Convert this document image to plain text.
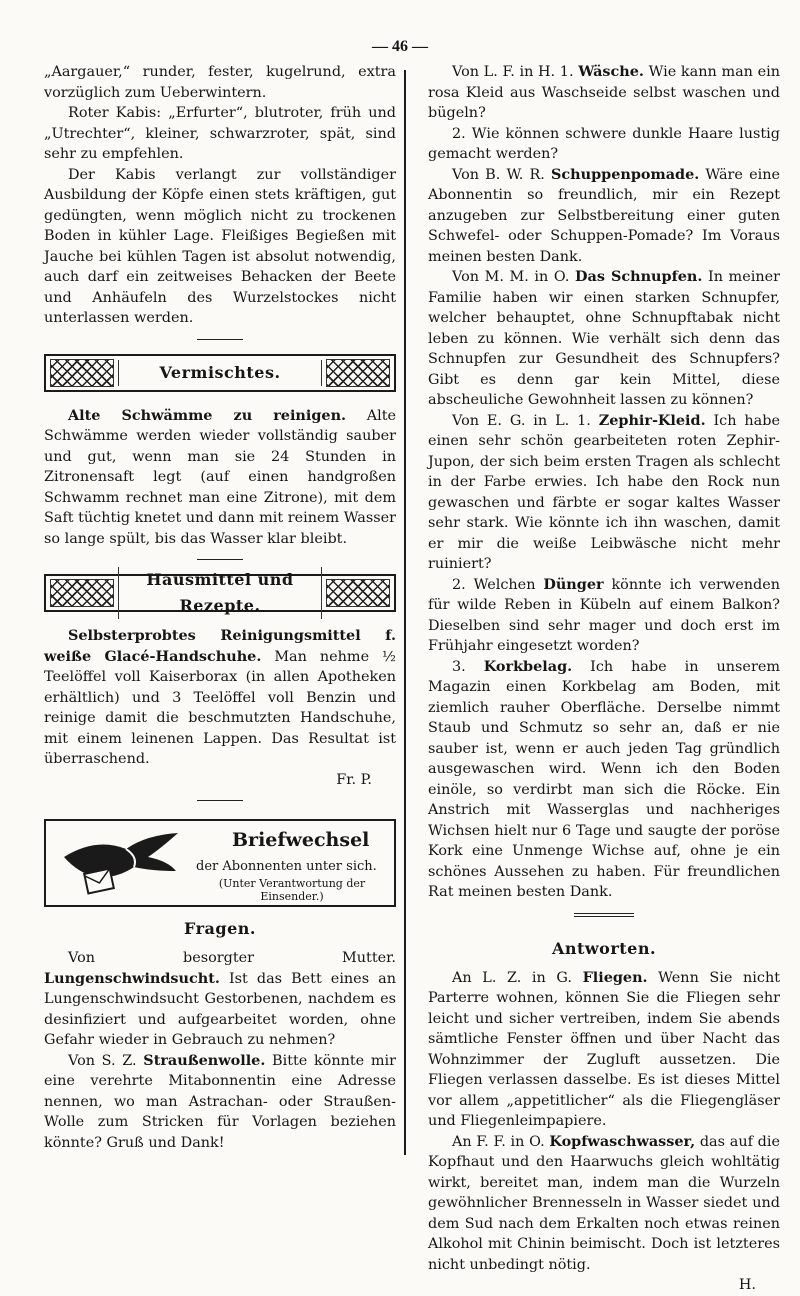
— 46 —

„Aargauer,“ runder, fester, kugelrund, extra vorzüglich zum Ueberwintern.

Roter Kabis: „Erfurter“, blutroter, früh und „Utrechter“, kleiner, schwarzroter, spät, sind sehr zu empfehlen.

Der Kabis verlangt zur vollständiger Ausbildung der Köpfe einen stets kräftigen, gut gedüngten, wenn möglich nicht zu trockenen Boden in kühler Lage. Fleißiges Begießen mit Jauche bei kühlen Tagen ist absolut notwendig, auch darf ein zeitweises Behacken der Beete und Anhäufeln des Wurzelstockes nicht unterlassen werden.

Vermischtes.

Alte Schwämme zu reinigen. Alte Schwämme werden wieder vollständig sauber und gut, wenn man sie 24 Stunden in Zitronensaft legt (auf einen handgroßen Schwamm rechnet man eine Zitrone), mit dem Saft tüchtig knetet und dann mit reinem Wasser so lange spült, bis das Wasser klar bleibt.

Hausmittel und Rezepte.

Selbsterprobtes Reinigungsmittel f. weiße Glacé-Handschuhe. Man nehme ½ Teelöffel voll Kaiserborax (in allen Apotheken erhältlich) und 3 Teelöffel voll Benzin und reinige damit die beschmutzten Handschuhe, mit einem leinenen Lappen. Das Resultat ist überraschend.

Fr. P.
Briefwechsel
der Abonnenten unter sich.
(Unter Verantwortung der Einsender.)
Fragen.

Von besorgter Mutter. Lungenschwindsucht. Ist das Bett eines an Lungenschwindsucht Gestorbenen, nachdem es desinfiziert und aufgearbeitet worden, ohne Gefahr wieder in Gebrauch zu nehmen?

Von S. Z. Straußenwolle. Bitte könnte mir eine verehrte Mitabonnentin eine Adresse nennen, wo man Astrachan- oder Straußen-Wolle zum Stricken für Vorlagen beziehen könnte? Gruß und Dank!

Von L. F. in H. 1. Wäsche. Wie kann man ein rosa Kleid aus Waschseide selbst waschen und bügeln?

2. Wie können schwere dunkle Haare lustig gemacht werden?

Von B. W. R. Schuppenpomade. Wäre eine Abonnentin so freundlich, mir ein Rezept anzugeben zur Selbstbereitung einer guten Schwefel- oder Schuppen-Pomade? Im Voraus meinen besten Dank.

Von M. M. in O. Das Schnupfen. In meiner Familie haben wir einen starken Schnupfer, welcher behauptet, ohne Schnupftabak nicht leben zu können. Wie verhält sich denn das Schnupfen zur Gesundheit des Schnupfers? Gibt es denn gar kein Mittel, diese abscheuliche Gewohnheit lassen zu können?

Von E. G. in L. 1. Zephir-Kleid. Ich habe einen sehr schön gearbeiteten roten Zephir-Jupon, der sich beim ersten Tragen als schlecht in der Farbe erwies. Ich habe den Rock nun gewaschen und färbte er sogar kaltes Wasser sehr stark. Wie könnte ich ihn waschen, damit er mir die weiße Leibwäsche nicht mehr ruiniert?

2. Welchen Dünger könnte ich verwenden für wilde Reben in Kübeln auf einem Balkon? Dieselben sind sehr mager und doch erst im Frühjahr eingesetzt worden?

3. Korkbelag. Ich habe in unserem Magazin einen Korkbelag am Boden, mit ziemlich rauher Oberfläche. Derselbe nimmt Staub und Schmutz so sehr an, daß er nie sauber ist, wenn er auch jeden Tag gründlich ausgewaschen wird. Wenn ich den Boden einöle, so verdirbt man sich die Röcke. Ein Anstrich mit Wasserglas und nachheriges Wichsen hielt nur 6 Tage und saugte der poröse Kork eine Unmenge Wichse auf, ohne je ein schönes Aussehen zu haben. Für freundlichen Rat meinen besten Dank.

Antworten.

An L. Z. in G. Fliegen. Wenn Sie nicht Parterre wohnen, können Sie die Fliegen sehr leicht und sicher vertreiben, indem Sie abends sämtliche Fenster öffnen und über Nacht das Wohnzimmer der Zugluft aussetzen. Die Fliegen verlassen dasselbe. Es ist dieses Mittel vor allem „appetitlicher“ als die Fliegengläser und Fliegenleimpapiere.

An F. F. in O. Kopfwaschwasser, das auf die Kopfhaut und den Haarwuchs gleich wohltätig wirkt, bereitet man, indem man die Wurzeln gewöhnlicher Brennesseln in Wasser siedet und dem Sud nach dem Erkalten noch etwas reinen Alkohol mit Chinin beimischt. Doch ist letzteres nicht unbedingt nötig.

H.
